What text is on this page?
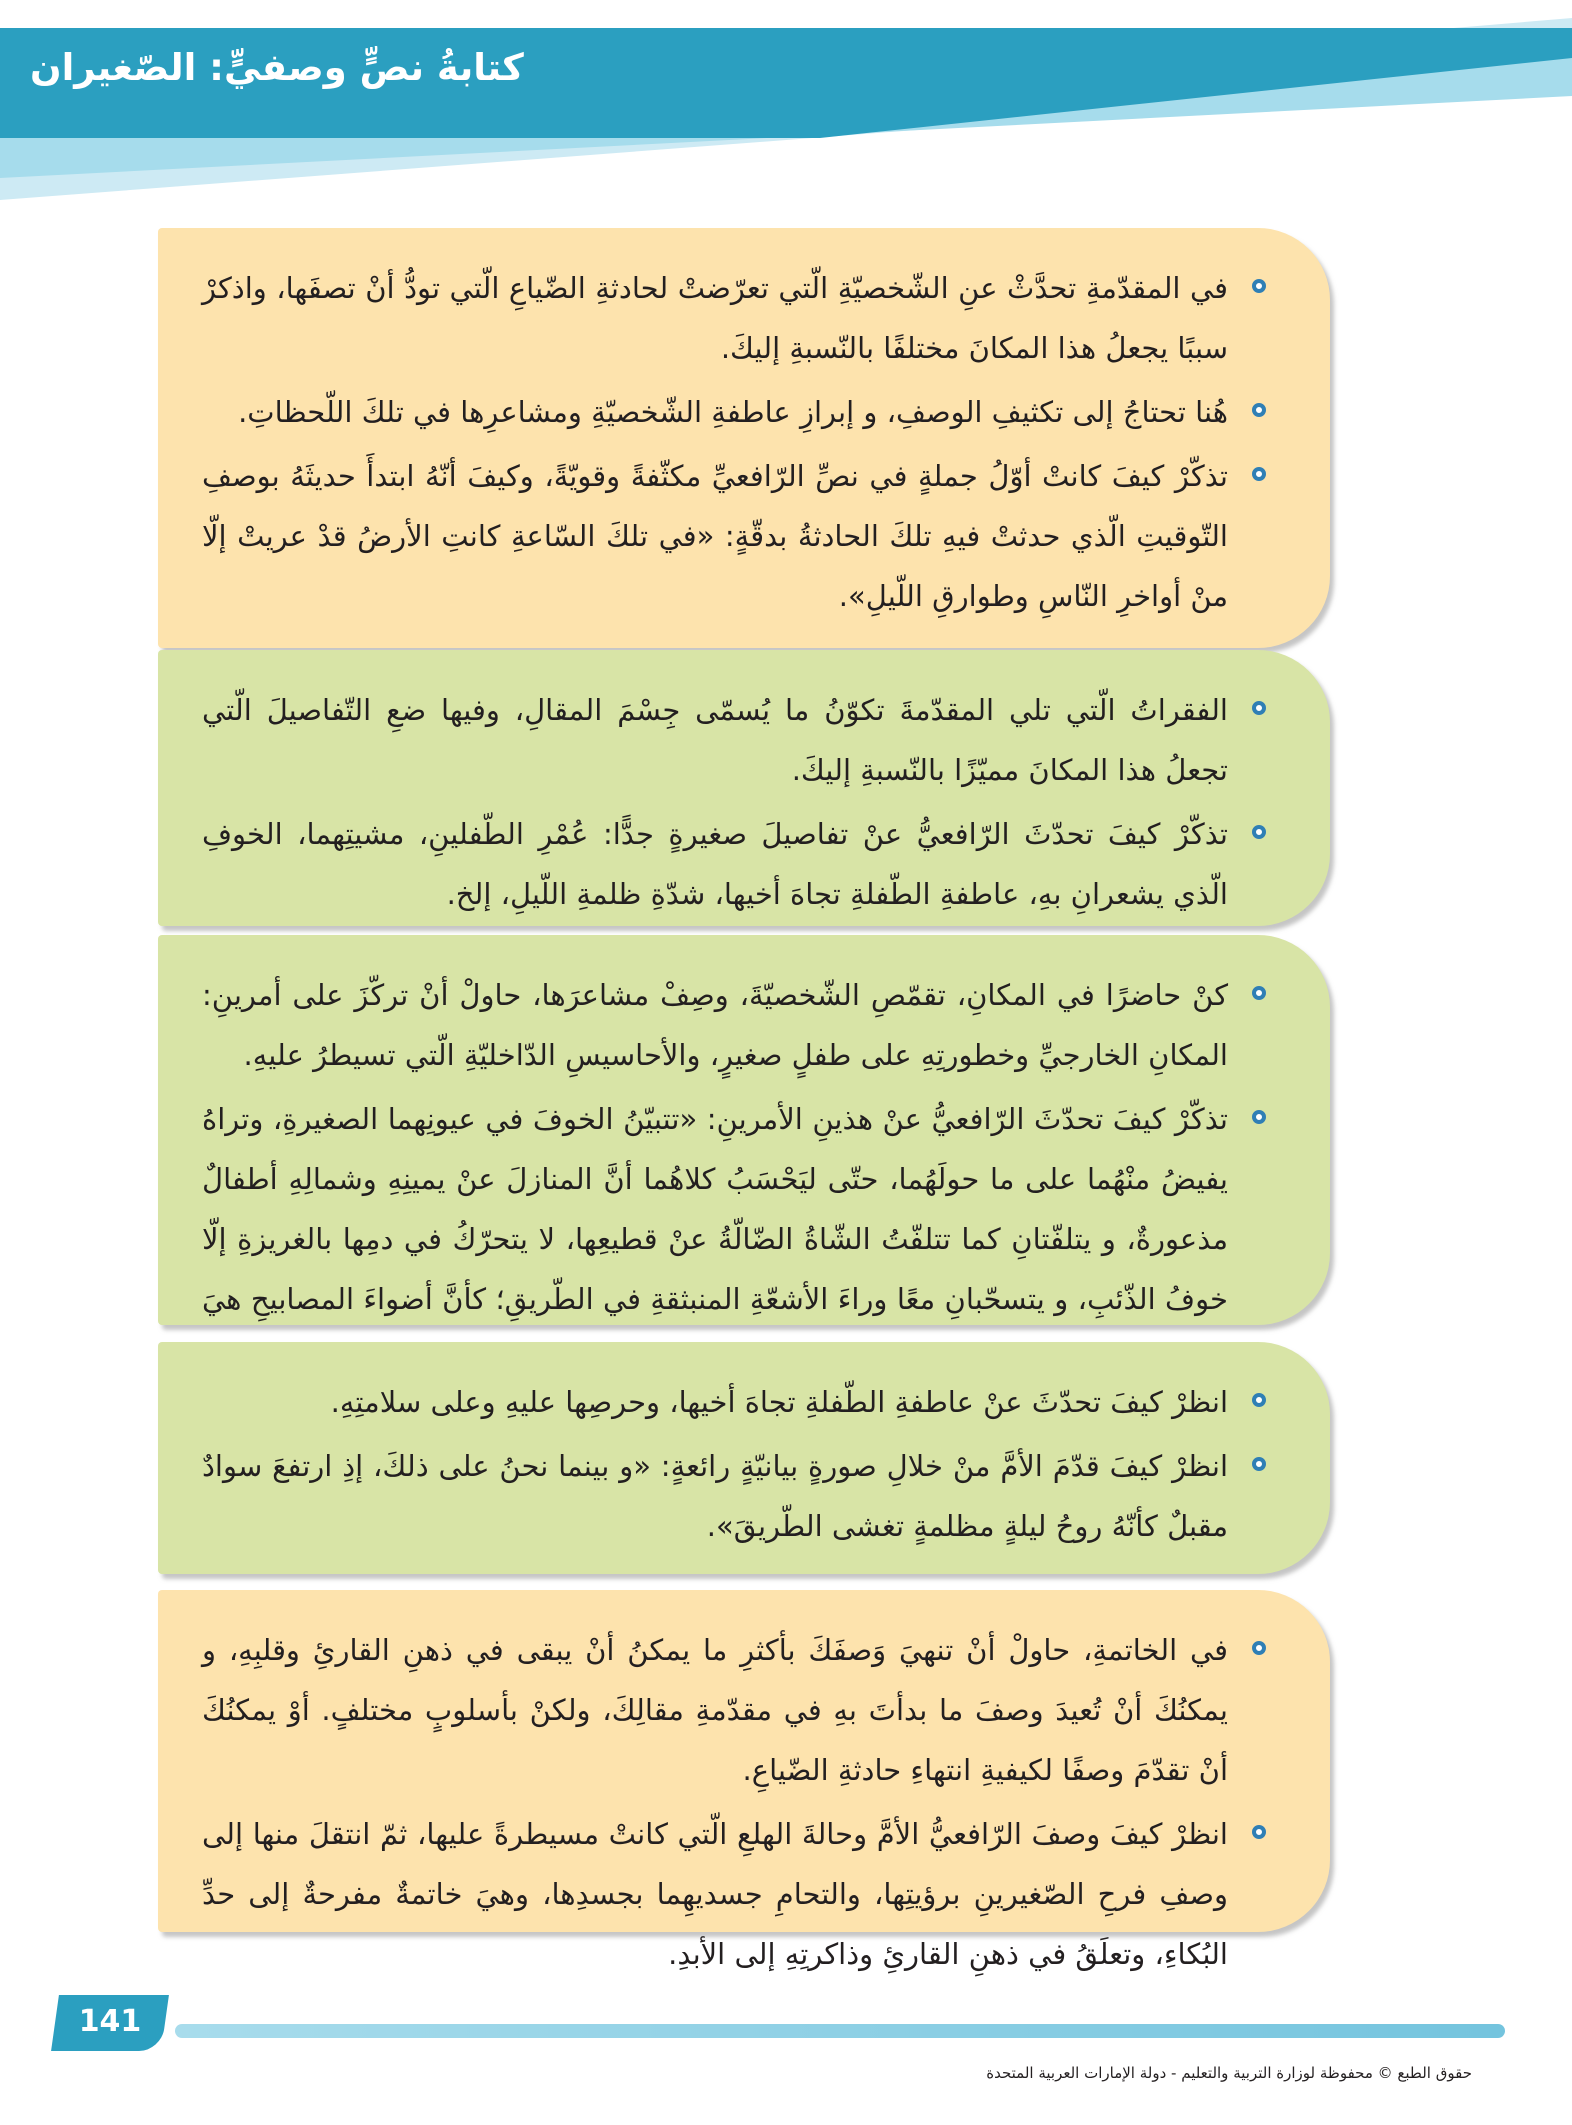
كتابةُ نصٍّ وصفيٍّ: الصّغيران
في المقدّمةِ تحدَّثْ عنِ الشّخصيّةِ الّتي تعرّضتْ لحادثةِ الضّياعِ الّتي تودُّ أنْ تصفَها، واذكرْ سببًا يجعلُ هذا المكانَ مختلفًا بالنّسبةِ إليكَ.
هُنا تحتاجُ إلى تكثيفِ الوصفِ، و إبرازِ عاطفةِ الشّخصيّةِ ومشاعرِها في تلكَ اللّحظاتِ.
تذكّرْ كيفَ كانتْ أوّلُ جملةٍ في نصِّ الرّافعيِّ مكثّفةً وقويّةً، وكيفَ أنّهُ ابتدأَ حديثَهُ بوصفِ التّوقيتِ الّذي حدثتْ فيهِ تلكَ الحادثةُ بدقّةٍ: «في تلكَ السّاعةِ كانتِ الأرضُ قدْ عريتْ إلّا منْ أواخرِ النّاسِ وطوارقِ اللّيلِ».
الفقراتُ الّتي تلي المقدّمةَ تكوّنُ ما يُسمّى جِسْمَ المقالِ، وفيها ضعِ التّفاصيلَ الّتي تجعلُ هذا المكانَ مميّزًا بالنّسبةِ إليكَ.
تذكّرْ كيفَ تحدّثَ الرّافعيُّ عنْ تفاصيلَ صغيرةٍ جدًّا: عُمْرِ الطّفلينِ، مشيتِهما، الخوفِ الّذي يشعرانِ بهِ، عاطفةِ الطّفلةِ تجاهَ أخيها، شدّةِ ظلمةِ اللّيلِ، إلخ.
كنْ حاضرًا في المكانِ، تقمّصِ الشّخصيّةَ، وصِفْ مشاعرَها، حاولْ أنْ تركّزَ على أمرينِ: المكانِ الخارجيِّ وخطورتِهِ على طفلٍ صغيرٍ، والأحاسيسِ الدّاخليّةِ الّتي تسيطرُ عليهِ.
تذكّرْ كيفَ تحدّثَ الرّافعيُّ عنْ هذينِ الأمرينِ: «تتبيّنُ الخوفَ في عيونِهما الصغيرةِ، وتراهُ يفيضُ منْهُما على ما حولَهُما، حتّى ليَحْسَبُ كلاهُما أنَّ المنازلَ عنْ يمينِهِ وشمالِهِ أطفالٌ مذعورةٌ، و يتلفّتانِ كما تتلفّتُ الشّاةُ الضّالّةُ عنْ قطيعِها، لا يتحرّكُ في دمِها بالغريزةِ إلّا خوفُ الذّئبِ، و يتسحّبانِ معًا وراءَ الأشعّةِ المنبثقةِ في الطّريقِ؛ كأنَّ أضواءَ المصابيحِ هيَ
انظرْ كيفَ تحدّثَ عنْ عاطفةِ الطّفلةِ تجاهَ أخيها، وحرصِها عليهِ وعلى سلامتِهِ.
انظرْ كيفَ قدّمَ الأمَّ منْ خلالِ صورةٍ بيانيّةٍ رائعةٍ: «و بينما نحنُ على ذلكَ، إذِ ارتفعَ سوادٌ مقبلٌ كأنّهُ روحُ ليلةٍ مظلمةٍ تغشى الطّريقَ».
في الخاتمةِ، حاولْ أنْ تنهيَ وَصفَكَ بأكثرِ ما يمكنُ أنْ يبقى في ذهنِ القارئِ وقلبِهِ، و يمكنُكَ أنْ تُعيدَ وصفَ ما بدأتَ بهِ في مقدّمةِ مقالِكَ، ولكنْ بأسلوبٍ مختلفٍ. أوْ يمكنُكَ أنْ تقدّمَ وصفًا لكيفيةِ انتهاءِ حادثةِ الضّياعِ.
انظرْ كيفَ وصفَ الرّافعيُّ الأمَّ وحالةَ الهلعِ الّتي كانتْ مسيطرةً عليها، ثمّ انتقلَ منها إلى وصفِ فرحِ الصّغيرينِ برؤيتِها، والتحامِ جسديهِما بجسدِها، وهيَ خاتمةٌ مفرحةٌ إلى حدِّ البُكاءِ، وتعلَقُ في ذهنِ القارئِ وذاكرتِهِ إلى الأبدِ.
141
حقوق الطبع © محفوظة لوزارة التربية والتعليم - دولة الإمارات العربية المتحدة
